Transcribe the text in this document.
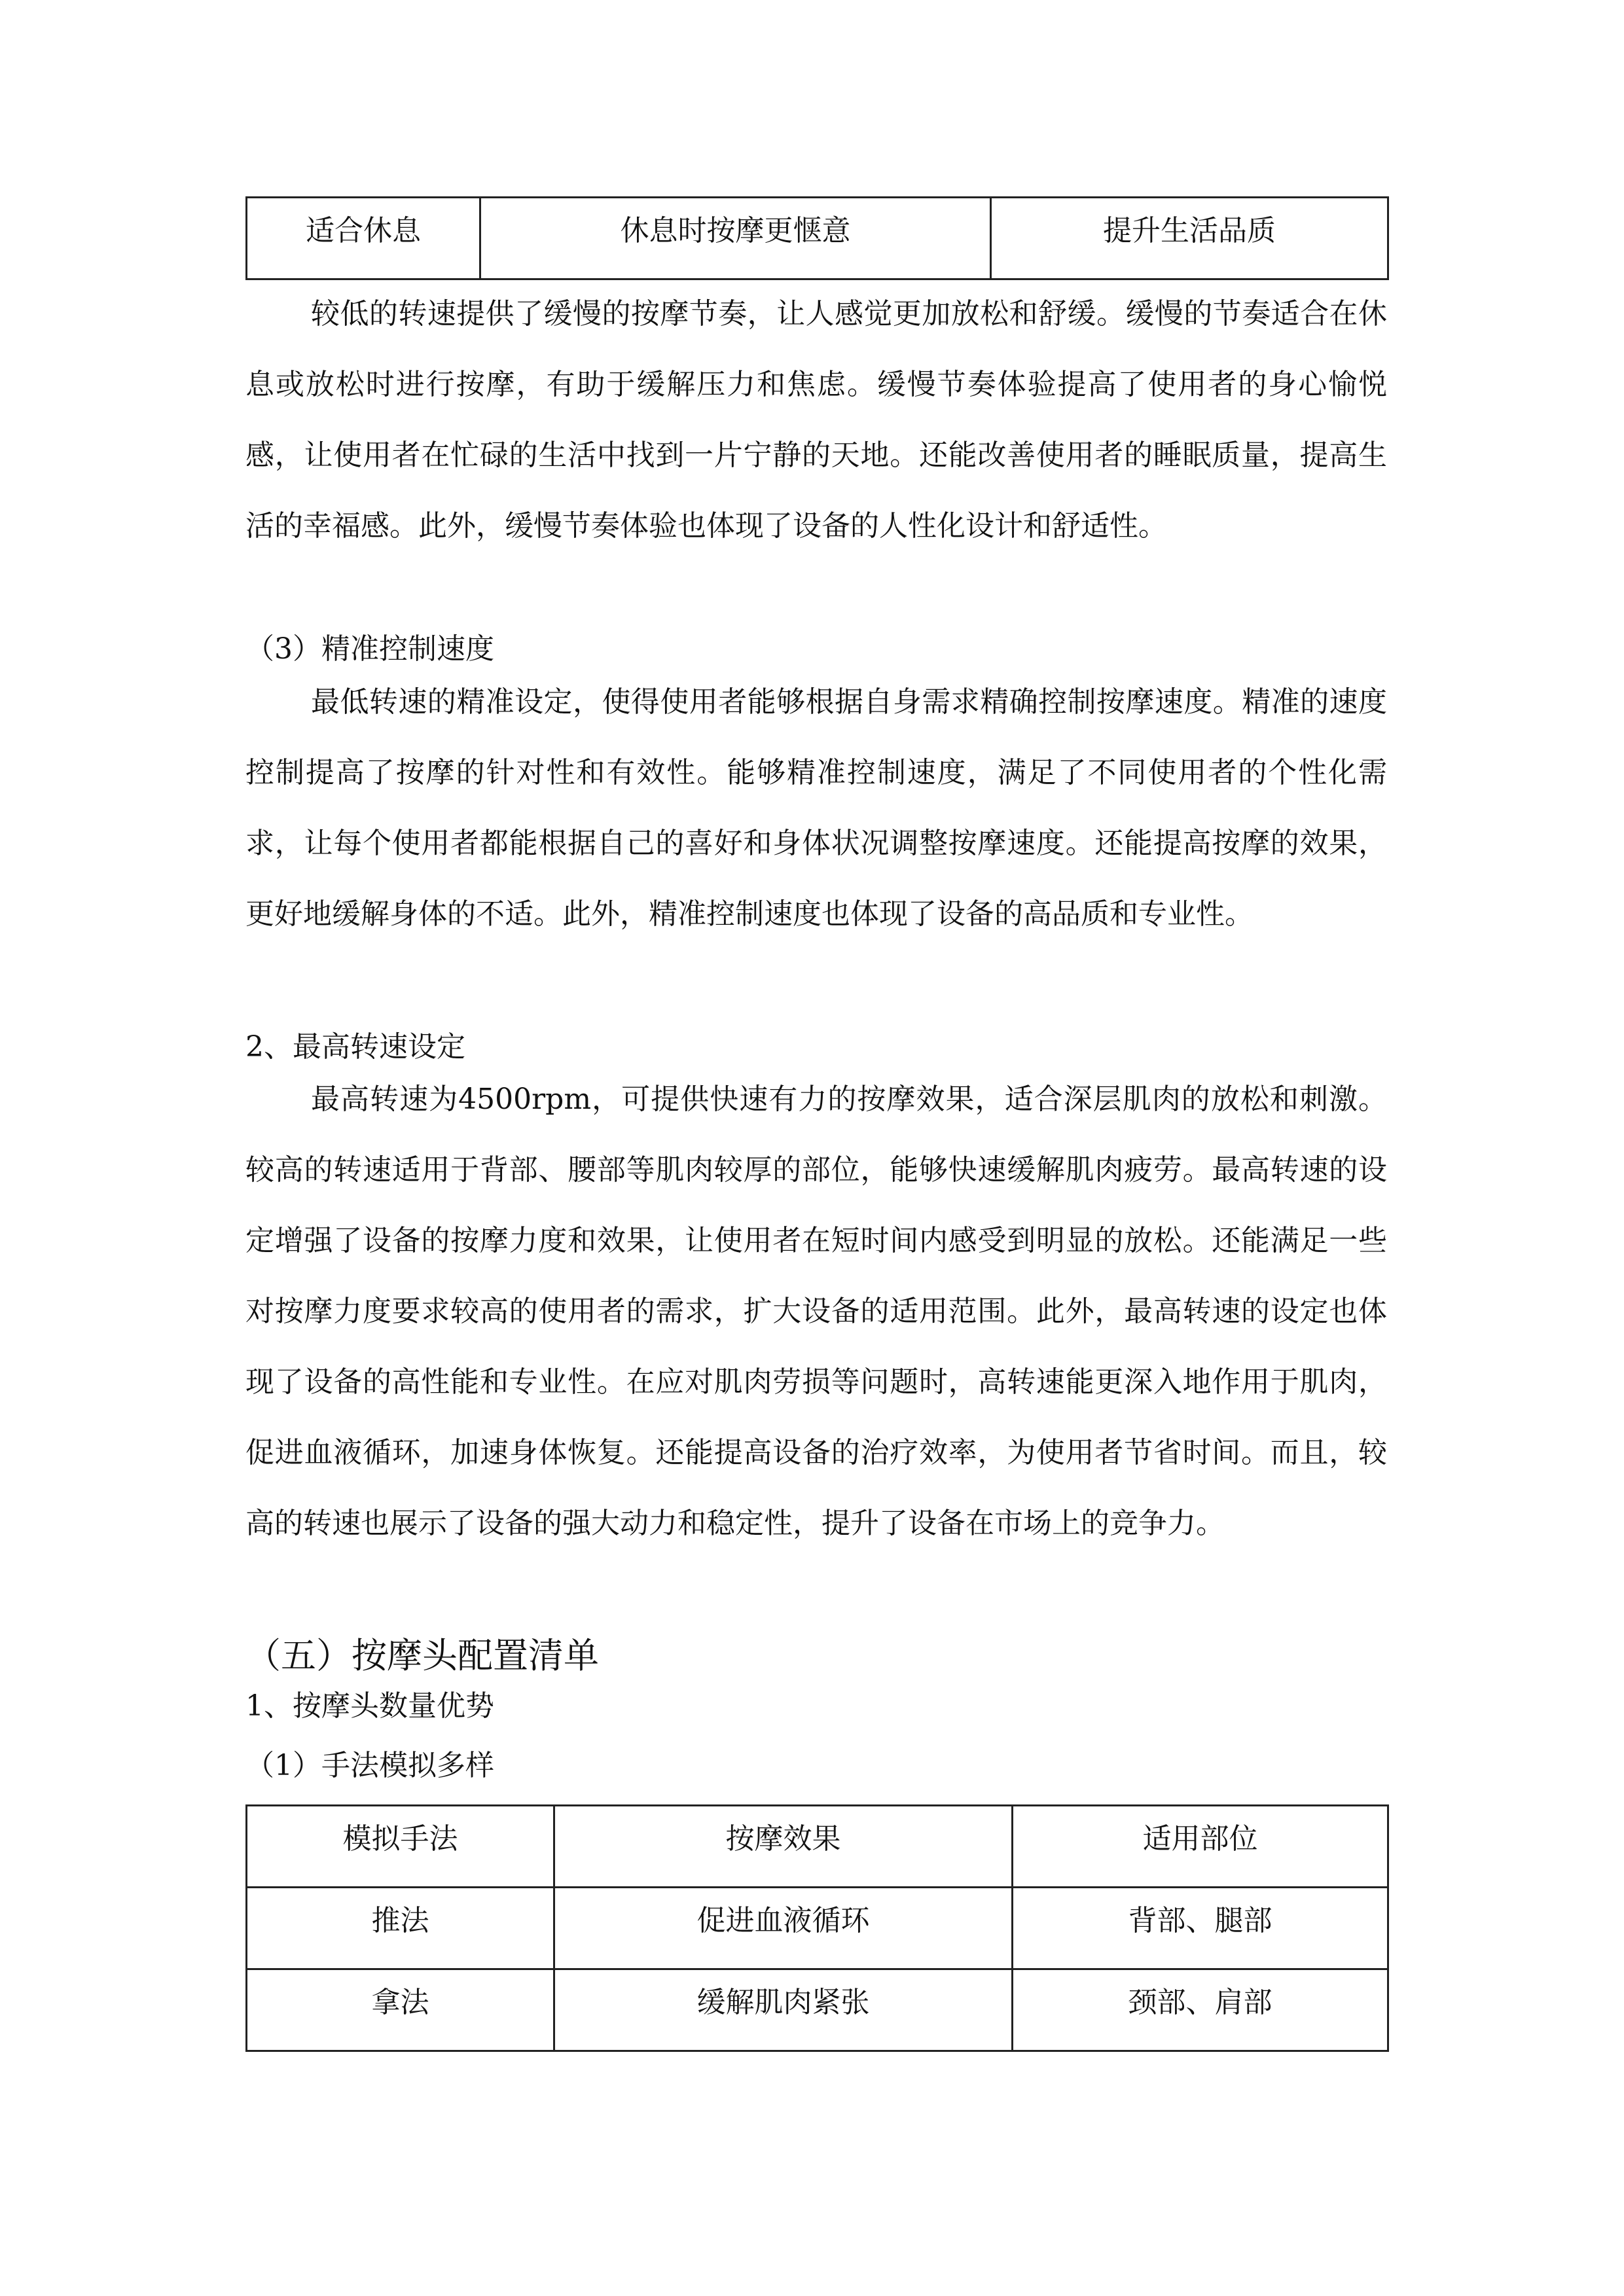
适合休息	休息时按摩更惬意	提升生活品质

较低的转速提供了缓慢的按摩节奏，让人感觉更加放松和舒缓。缓慢的节奏适合在休息或放松时进行按摩，有助于缓解压力和焦虑。缓慢节奏体验提高了使用者的身心愉悦感，让使用者在忙碌的生活中找到一片宁静的天地。还能改善使用者的睡眠质量，提高生活的幸福感。此外，缓慢节奏体验也体现了设备的人性化设计和舒适性。

（3）精准控制速度

最低转速的精准设定，使得使用者能够根据自身需求精确控制按摩速度。精准的速度控制提高了按摩的针对性和有效性。能够精准控制速度，满足了不同使用者的个性化需求，让每个使用者都能根据自己的喜好和身体状况调整按摩速度。还能提高按摩的效果，更好地缓解身体的不适。此外，精准控制速度也体现了设备的高品质和专业性。

2、最高转速设定

最高转速为4500rpm，可提供快速有力的按摩效果，适合深层肌肉的放松和刺激。较高的转速适用于背部、腰部等肌肉较厚的部位，能够快速缓解肌肉疲劳。最高转速的设定增强了设备的按摩力度和效果，让使用者在短时间内感受到明显的放松。还能满足一些对按摩力度要求较高的使用者的需求，扩大设备的适用范围。此外，最高转速的设定也体现了设备的高性能和专业性。在应对肌肉劳损等问题时，高转速能更深入地作用于肌肉，促进血液循环，加速身体恢复。还能提高设备的治疗效率，为使用者节省时间。而且，较高的转速也展示了设备的强大动力和稳定性，提升了设备在市场上的竞争力。

（五）按摩头配置清单

1、按摩头数量优势

（1）手法模拟多样

模拟手法	按摩效果	适用部位
推法	促进血液循环	背部、腿部
拿法	缓解肌肉紧张	颈部、肩部
